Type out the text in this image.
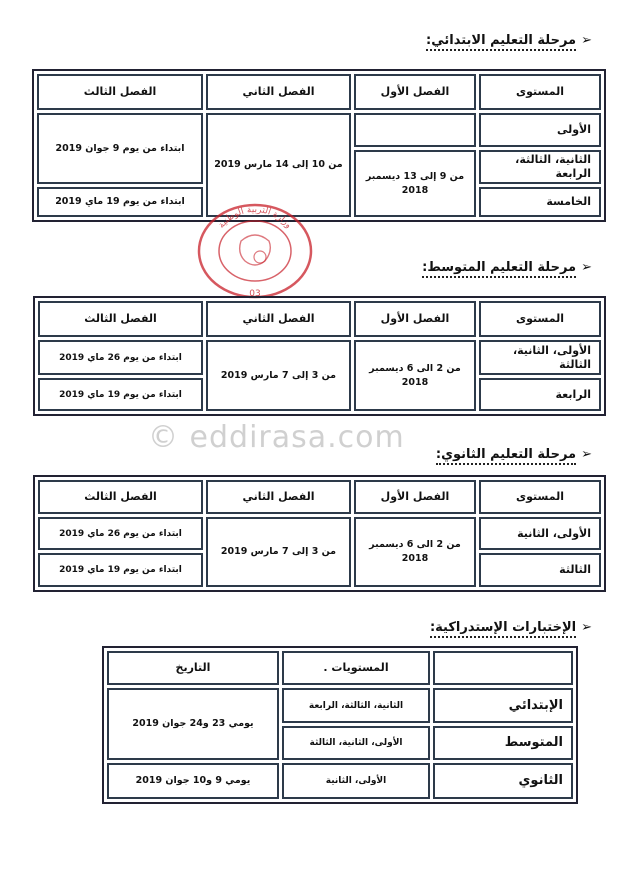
➢مرحلة التعليم الابتدائي:
المستوى	الفصل الأول	الفصل الثاني	الفصل الثالث
الأولى		من 10 إلى 14 مارس 2019	ابتداء من يوم 9 جوان 2019
الثانية، الثالثة، الرابعة	من 9 إلى 13 ديسمبر 2018		
الخامسة			ابتداء من يوم 19 ماي 2019
وزارة التربية الوطنية
03
➢مرحلة التعليم المتوسط:
المستوى	الفصل الأول	الفصل الثاني	الفصل الثالث
الأولى، الثانية، الثالثة	من 2 الى 6 ديسمبر 2018	من 3 إلى 7 مارس 2019	ابتداء من يوم 26 ماي 2019
الرابعة			ابتداء من يوم 19 ماي 2019
© eddirasa.com	➢مرحلة التعليم الثانوي:
المستوى	الفصل الأول	الفصل الثاني	الفصل الثالث
الأولى، الثانية	من 2 الى 6 ديسمبر 2018	من 3 إلى 7 مارس 2019	ابتداء من يوم 26 ماي 2019
الثالثة			ابتداء من يوم 19 ماي 2019
➢الإختبارات الإستدراكية:
	المستويات .	التاريخ
الإبتدائي	الثانية، الثالثة، الرابعة	يومي 23 و24 جوان 2019
المتوسط	الأولى، الثانية، الثالثة	
الثانوي	الأولى، الثانية	يومي 9 و10 جوان 2019
